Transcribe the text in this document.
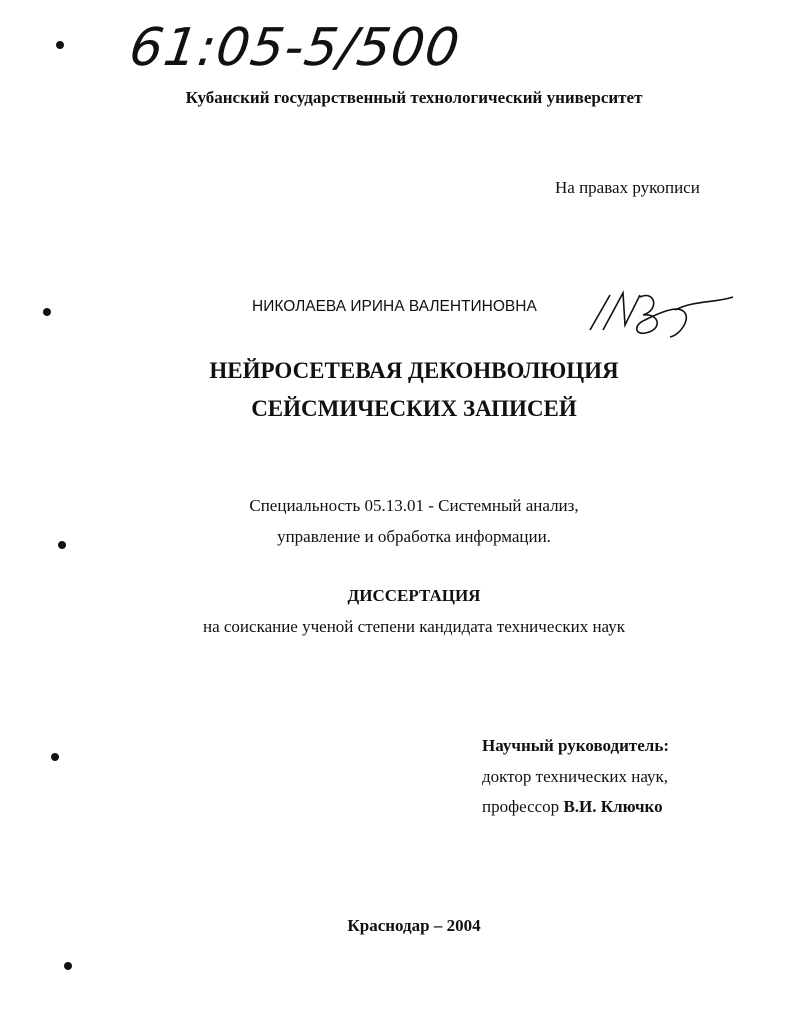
61:05-5/500
Кубанский государственный технологический университет
На правах рукописи
НИКОЛАЕВА ИРИНА ВАЛЕНТИНОВНА
НЕЙРОСЕТЕВАЯ ДЕКОНВОЛЮЦИЯ
СЕЙСМИЧЕСКИХ ЗАПИСЕЙ
Специальность 05.13.01 - Системный анализ,
управление и обработка информации.
ДИССЕРТАЦИЯ
на соискание ученой степени кандидата технических наук
Научный руководитель:
доктор технических наук,
профессор В.И. Ключко
Краснодар – 2004
